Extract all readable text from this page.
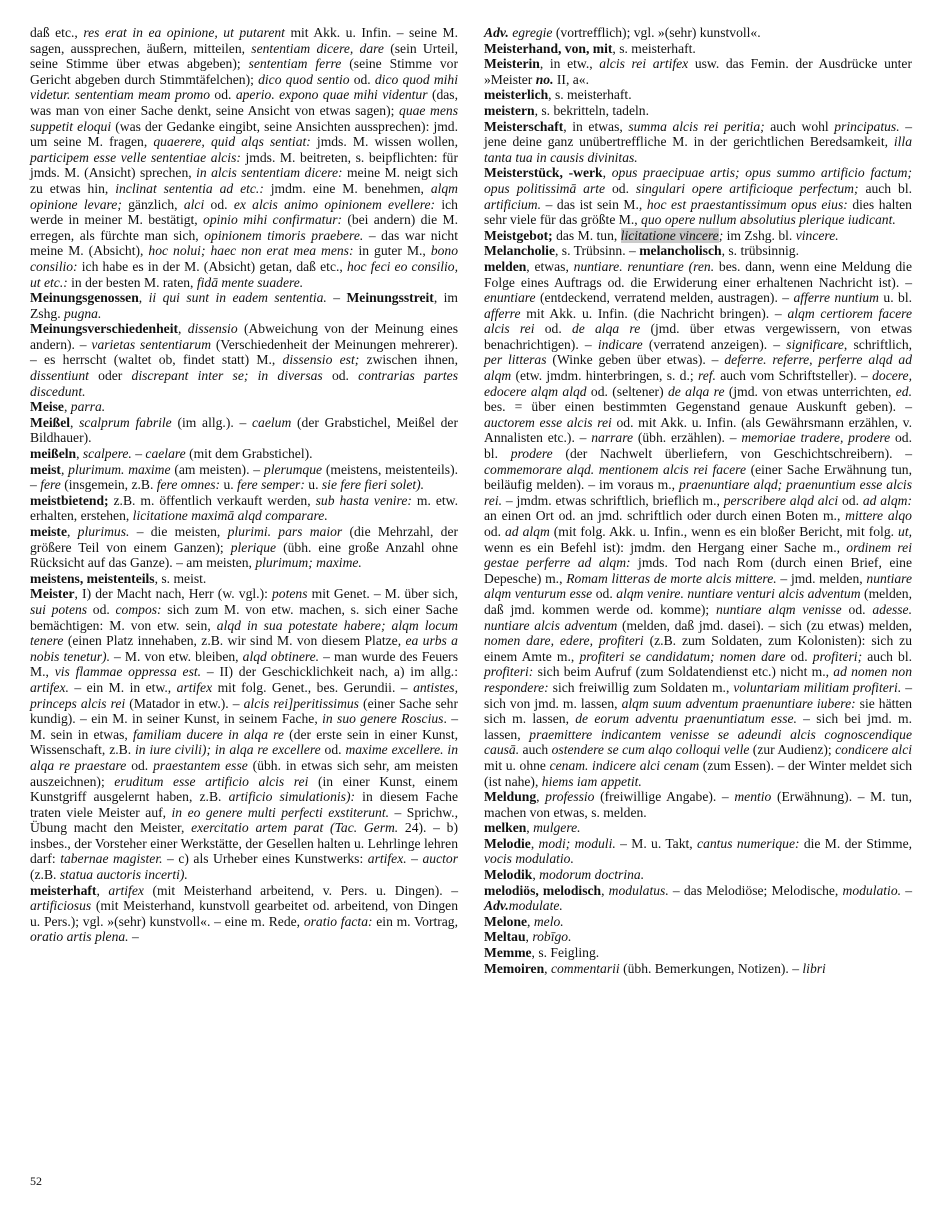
daß etc., res erat in ea opinione, ut putarent mit Akk. u. Infin. – seine M. sagen, aussprechen, äußern, mitteilen, sententiam dicere, dare (sein Urteil, seine Stimme über etwas abgeben); sententiam ferre (seine Stimme vor Gericht abgeben durch Stimmtäfelchen); dico quod sentio od. dico quod mihi videtur. sententiam meam promo od. aperio. expono quae mihi videntur (das, was man von einer Sache denkt, seine Ansicht von etwas sagen); quae mens suppetit eloqui (was der Gedanke eingibt, seine Ansichten aussprechen): jmd. um seine M. fragen, quaerere, quid alqs sentiat: jmds. M. wissen wollen, participem esse velle sententiae alcis: jmds. M. beitreten, s. beipflichten: für jmds. M. (Ansicht) sprechen, in alcis sententiam dicere: meine M. neigt sich zu etwas hin, inclinat sententia ad etc.: jmdm. eine M. benehmen, alqm opinione levare; gänzlich, alci od. ex alcis animo opinionem evellere: ich werde in meiner M. bestätigt, opinio mihi confirmatur: (bei andern) die M. erregen, als fürchte man sich, opinionem timoris praebere. – das war nicht meine M. (Absicht), hoc nolui; haec non erat mea mens: in guter M., bono consilio: ich habe es in der M. (Absicht) getan, daß etc., hoc feci eo consilio, ut etc.: in der besten M. raten, fidā mente suadere.

Meinungsgenossen, ii qui sunt in eadem sententia. – Meinungsstreit, im Zshg. pugna.

Meinungsverschiedenheit, dissensio (Abweichung von der Meinung eines andern). – varietas sententiarum (Verschiedenheit der Meinungen mehrerer). – es herrscht (waltet ob, findet statt) M., dissensio est; zwischen ihnen, dissentiunt oder discrepant inter se; in diversas od. contrarias partes discedunt.

Meise, parra.

Meißel, scalprum fabrile (im allg.). – caelum (der Grabstichel, Meißel der Bildhauer).

meißeln, scalpere. – caelare (mit dem Grabstichel).

meist, plurimum. maxime (am meisten). – plerumque (meistens, meistenteils). – fere (insgemein, z.B. fere omnes: u. fere semper: u. sie fere fieri solet).

meistbietend; z.B. m. öffentlich verkauft werden, sub hasta venire: m. etw. erhalten, erstehen, licitatione maximā alqd comparare.

meiste, plurimus. – die meisten, plurimi. pars maior (die Mehrzahl, der größere Teil von einem Ganzen); plerique (übh. eine große Anzahl ohne Rücksicht auf das Ganze). – am meisten, plurimum; maxime.

meistens, meistenteils, s. meist.

Meister, I) der Macht nach, Herr (w. vgl.): potens mit Genet. – M. über sich, sui potens od. compos: sich zum M. von etw. machen, s. sich einer Sache bemächtigen: M. von etw. sein, alqd in sua potestate habere; alqm locum tenere (einen Platz innehaben, z.B. wir sind M. von diesem Platze, ea urbs a nobis tenetur). – M. von etw. bleiben, alqd obtinere. – man wurde des Feuers M., vis flammae oppressa est. – II) der Geschicklichkeit nach, a) im allg.: artifex. – ein M. in etw., artifex mit folg. Genet., bes. Gerundii. – antistes, princeps alcis rei (Matador in etw.). – alcis rei]peritissimus (einer Sache sehr kundig). – ein M. in seiner Kunst, in seinem Fache, in suo genere Roscius. – M. sein in etwas, familiam ducere in alqa re (der erste sein in einer Kunst, Wissenschaft, z.B. in iure civili); in alqa re excellere od. maxime excellere. in alqa re praestare od. praestantem esse (übh. in etwas sich sehr, am meisten auszeichnen); eruditum esse artificio alcis rei (in einer Kunst, einem Kunstgriff ausgelernt haben, z.B. artificio simulationis): in diesem Fache traten viele Meister auf, in eo genere multi perfecti exstiterunt. – Sprichw., Übung macht den Meister, exercitatio artem parat (Tac. Germ. 24). – b) insbes., der Vorsteher einer Werkstätte, der Gesellen halten u. Lehrlinge lehren darf: tabernae magister. – c) als Urheber eines Kunstwerks: artifex. – auctor (z.B. statua auctoris incerti).

meisterhaft, artifex (mit Meisterhand arbeitend, v. Pers. u. Dingen). – artificiosus (mit Meisterhand, kunstvoll gearbeitet od. arbeitend, von Dingen u. Pers.); vgl. »(sehr) kunstvoll«. – eine m. Rede, oratio facta: ein m. Vortrag, oratio artis plena. –

Adv. egregie (vortrefflich); vgl. »(sehr) kunstvoll«.

Meisterhand, von, mit, s. meisterhaft.

Meisterin, in etw., alcis rei artifex usw. das Femin. der Ausdrücke unter »Meister no. II, a«.

meisterlich, s. meisterhaft.

meistern, s. bekritteln, tadeln.

Meisterschaft, in etwas, summa alcis rei peritia; auch wohl principatus. – jene deine ganz unübertreffliche M. in der gerichtlichen Beredsamkeit, illa tanta tua in causis divinitas.

Meisterstück, -werk, opus praecipuae artis; opus summo artificio factum; opus politissimā arte od. singulari opere artificioque perfectum; auch bl. artificium. – das ist sein M., hoc est praestantissimum opus eius: dies halten sehr viele für das größte M., quo opere nullum absolutius plerique iudicant.

Meistgebot; das M. tun, licitatione vincere; im Zshg. bl. vincere.

Melancholie, s. Trübsinn. – melancholisch, s. trübsinnig.

melden, etwas, nuntiare. renuntiare (ren. bes. dann, wenn eine Meldung die Folge eines Auftrags od. die Erwiderung einer erhaltenen Nachricht ist). – enuntiare (entdeckend, verratend melden, austragen). – afferre nuntium u. bl. afferre mit Akk. u. Infin. (die Nachricht bringen). – alqm certiorem facere alcis rei od. de alqa re (jmd. über etwas vergewissern, von etwas benachrichtigen). – indicare (verratend anzeigen). – significare, schriftlich, per litteras (Winke geben über etwas). – deferre. referre, perferre alqd ad alqm (etw. jmdm. hinterbringen, s. d.; ref. auch vom Schriftsteller). – docere, edocere alqm alqd od. (seltener) de alqa re (jmd. von etwas unterrichten, ed. bes. = über einen bestimmten Gegenstand genaue Auskunft geben). – auctorem esse alcis rei od. mit Akk. u. Infin. (als Gewährsmann erzählen, v. Annalisten etc.). – narrare (übh. erzählen). – memoriae tradere, prodere od. bl. prodere (der Nachwelt überliefern, von Geschichtschreibern). – commemorare alqd. mentionem alcis rei facere (einer Sache Erwähnung tun, beiläufig melden). – im voraus m., praenuntiare alqd; praenuntium esse alcis rei. – jmdm. etwas schriftlich, brieflich m., perscribere alqd alci od. ad alqm: an einen Ort od. an jmd. schriftlich oder durch einen Boten m., mittere alqo od. ad alqm (mit folg. Akk. u. Infin., wenn es ein bloßer Bericht, mit folg. ut, wenn es ein Befehl ist): jmdm. den Hergang einer Sache m., ordinem rei gestae perferre ad alqm: jmds. Tod nach Rom (durch einen Brief, eine Depesche) m., Romam litteras de morte alcis mittere. – jmd. melden, nuntiare alqm venturum esse od. alqm venire. nuntiare venturi alcis adventum (melden, daß jmd. kommen werde od. komme); nuntiare alqm venisse od. adesse. nuntiare alcis adventum (melden, daß jmd. dasei). – sich (zu etwas) melden, nomen dare, edere, profiteri (z.B. zum Soldaten, zum Kolonisten): sich zu einem Amte m., profiteri se candidatum; nomen dare od. profiteri; auch bl. profiteri: sich beim Aufruf (zum Soldatendienst etc.) nicht m., ad nomen non respondere: sich freiwillig zum Soldaten m., voluntariam militiam profiteri. – sich von jmd. m. lassen, alqm suum adventum praenuntiare iubere: sie hätten sich m. lassen, de eorum adventu praenuntiatum esse. – sich bei jmd. m. lassen, praemittere indicantem venisse se adeundi alcis cognoscendique causā. auch ostendere se cum alqo colloqui velle (zur Audienz); condicere alci mit u. ohne cenam. indicere alci cenam (zum Essen). – der Winter meldet sich (ist nahe), hiems iam appetit.

Meldung, professio (freiwillige Angabe). – mentio (Erwähnung). – M. tun, machen von etwas, s. melden.

melken, mulgere.

Melodie, modi; moduli. – M. u. Takt, cantus numerique: die M. der Stimme, vocis modulatio.

Melodik, modorum doctrina.

melodiös, melodisch, modulatus. – das Melodiöse; Melodische, modulatio. – Adv.modulate.

Melone, melo.

Meltau, robīgo.

Memme, s. Feigling.

Memoiren, commentarii (übh. Bemerkungen, Notizen). – libri

52
